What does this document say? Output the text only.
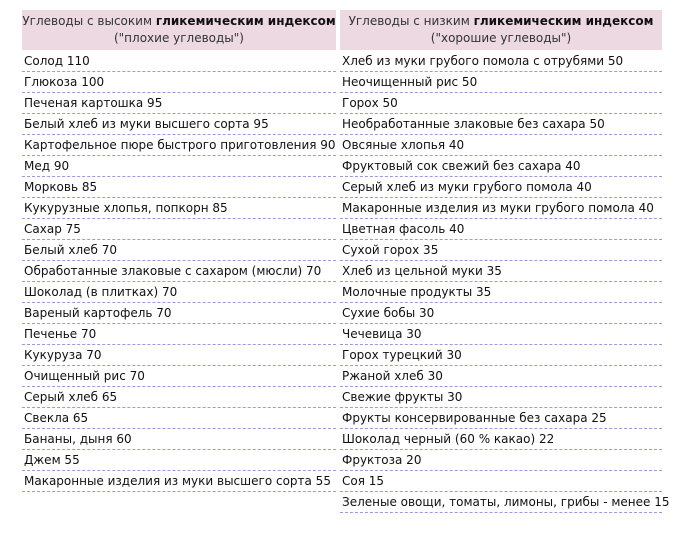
Углеводы с высоким гликемическим индексом
("плохие углеводы")
Углеводы с низким гликемическим индексом
("хорошие углеводы")
Солод 110
Глюкоза 100
Печеная картошка 95
Белый хлеб из муки высшего сорта 95
Картофельное пюре быстрого приготовления 90
Мед 90
Морковь 85
Кукурузные хлопья, попкорн 85
Сахар 75
Белый хлеб 70
Обработанные злаковые с сахаром (мюсли) 70
Шоколад (в плитках) 70
Вареный картофель 70
Печенье 70
Кукуруза 70
Очищенный рис 70
Серый хлеб 65
Свекла 65
Бананы, дыня 60
Джем 55
Макаронные изделия из муки высшего сорта 55
Хлеб из муки грубого помола с отрубями 50
Неочищенный рис 50
Горох 50
Необработанные злаковые без сахара 50
Овсяные хлопья 40
Фруктовый сок свежий без сахара 40
Серый хлеб из муки грубого помола 40
Макаронные изделия из муки грубого помола 40
Цветная фасоль 40
Сухой горох 35
Хлеб из цельной муки 35
Молочные продукты 35
Сухие бобы 30
Чечевица 30
Горох турецкий 30
Ржаной хлеб 30
Свежие фрукты 30
Фрукты консервированные без сахара 25
Шоколад черный (60 % какао) 22
Фруктоза 20
Соя 15
Зеленые овощи, томаты, лимоны, грибы - менее 15
